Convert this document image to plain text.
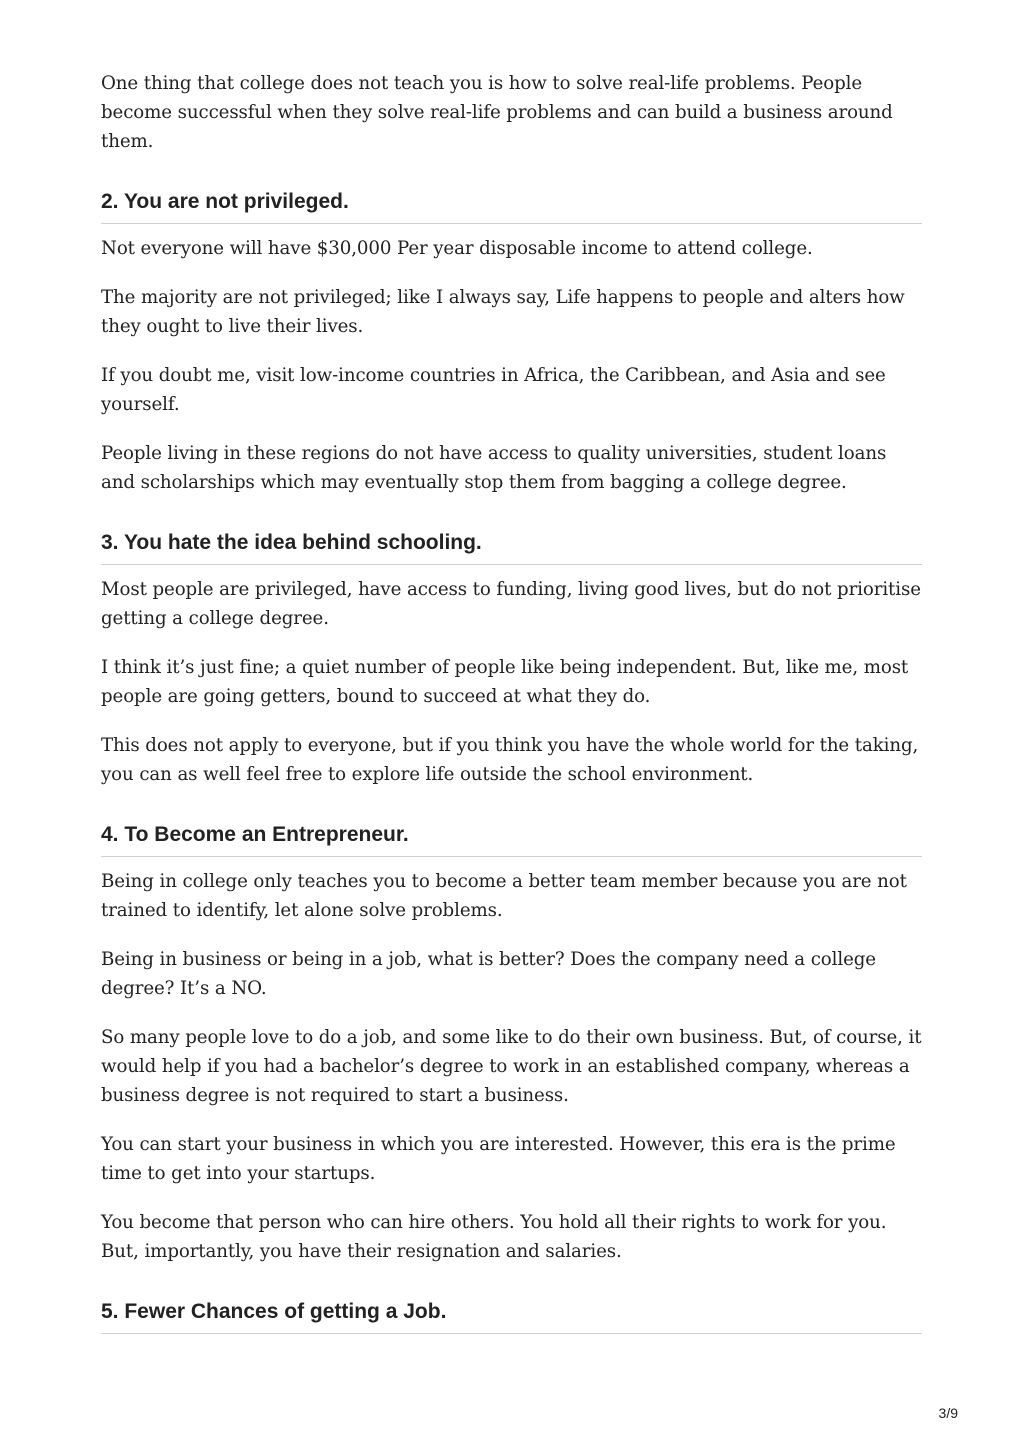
One thing that college does not teach you is how to solve real-life problems. People become successful when they solve real-life problems and can build a business around them.

2. You are not privileged.

Not everyone will have $30,000 Per year disposable income to attend college.

The majority are not privileged; like I always say, Life happens to people and alters how they ought to live their lives.

If you doubt me, visit low-income countries in Africa, the Caribbean, and Asia and see yourself.

People living in these regions do not have access to quality universities, student loans and scholarships which may eventually stop them from bagging a college degree.

3. You hate the idea behind schooling.

Most people are privileged, have access to funding, living good lives, but do not prioritise getting a college degree.

I think it’s just fine; a quiet number of people like being independent. But, like me, most people are going getters, bound to succeed at what they do.

This does not apply to everyone, but if you think you have the whole world for the taking, you can as well feel free to explore life outside the school environment.

4. To Become an Entrepreneur.

Being in college only teaches you to become a better team member because you are not trained to identify, let alone solve problems.

Being in business or being in a job, what is better? Does the company need a college degree? It’s a NO.

So many people love to do a job, and some like to do their own business. But, of course, it would help if you had a bachelor’s degree to work in an established company, whereas a business degree is not required to start a business.

You can start your business in which you are interested. However, this era is the prime time to get into your startups.

You become that person who can hire others. You hold all their rights to work for you. But, importantly, you have their resignation and salaries.

5. Fewer Chances of getting a Job.
3/9
